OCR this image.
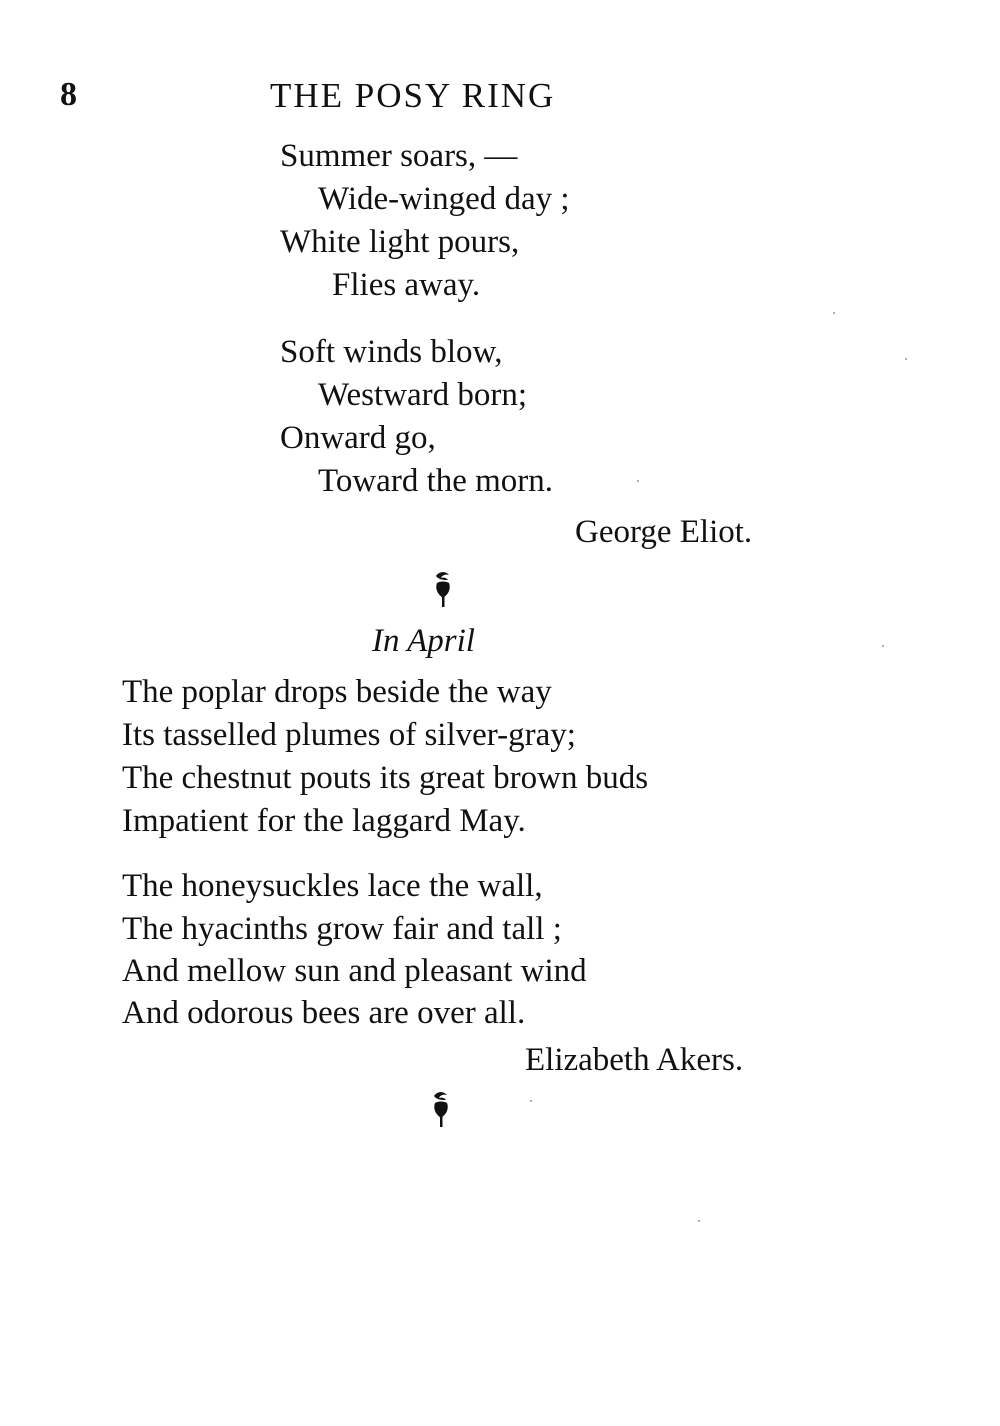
8	THE POSY RING
Summer soars, —
Wide-winged day ;
White light pours,
Flies away.
Soft winds blow,
Westward born;
Onward go,
Toward the morn.
George Eliot.
In April
The poplar drops beside the way
Its tasselled plumes of silver-gray;
The chestnut pouts its great brown buds
Impatient for the laggard May.
The honeysuckles lace the wall,
The hyacinths grow fair and tall ;
And mellow sun and pleasant wind
And odorous bees are over all.
Elizabeth Akers.
